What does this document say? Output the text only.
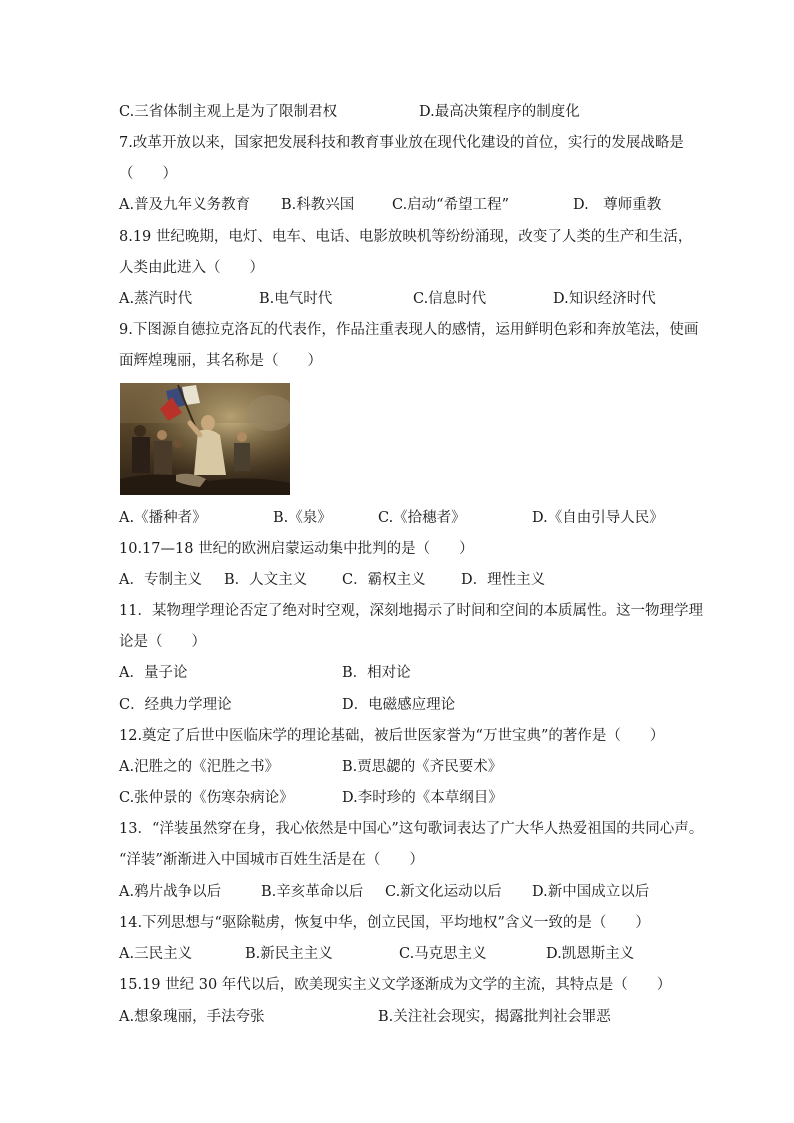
C.三省体制主观上是为了限制君权	D.最高决策程序的制度化
7.改革开放以来，国家把发展科技和教育事业放在现代化建设的首位，实行的发展战略是
（　　）
A.普及九年义务教育 B.科教兴国	C.启动“希望工程”	D.　尊师重教
8.19 世纪晚期，电灯、电车、电话、电影放映机等纷纷涌现，改变了人类的生产和生活，
人类由此进入（　　）
A.蒸汽时代	B.电气时代	C.信息时代	D.知识经济时代
9.下图源自德拉克洛瓦的代表作，作品注重表现人的感情，运用鲜明色彩和奔放笔法，使画
面辉煌瑰丽，其名称是（　　）
A.《播种者》	B.《泉》	C.《拾穗者》	D.《自由引导人民》
10.17—18 世纪的欧洲启蒙运动集中批判的是（　　）
A．专制主义 B．人文主义 C．霸权主义 D．理性主义
11．某物理学理论否定了绝对时空观，深刻地揭示了时间和空间的本质属性。这一物理学理
论是（　　）
A．量子论	B．相对论
C．经典力学理论	D．电磁感应理论
12.奠定了后世中医临床学的理论基础，被后世医家誉为“万世宝典”的著作是（　　）
A.汜胜之的《汜胜之书》	B.贾思勰的《齐民要术》
C.张仲景的《伤寒杂病论》	D.李时珍的《本草纲目》
13．“洋装虽然穿在身，我心依然是中国心”这句歌词表达了广大华人热爱祖国的共同心声。
“洋装”渐渐进入中国城市百姓生活是在（　　）
A.鸦片战争以后	B.辛亥革命以后 C.新文化运动以后 D.新中国成立以后
14.下列思想与“驱除鞑虏，恢复中华，创立民国，平均地权”含义一致的是（　　）
A.三民主义	B.新民主主义	C.马克思主义	D.凯恩斯主义
15.19 世纪 30 年代以后，欧美现实主义文学逐渐成为文学的主流，其特点是（　　）
A.想象瑰丽，手法夸张	B.关注社会现实，揭露批判社会罪恶
